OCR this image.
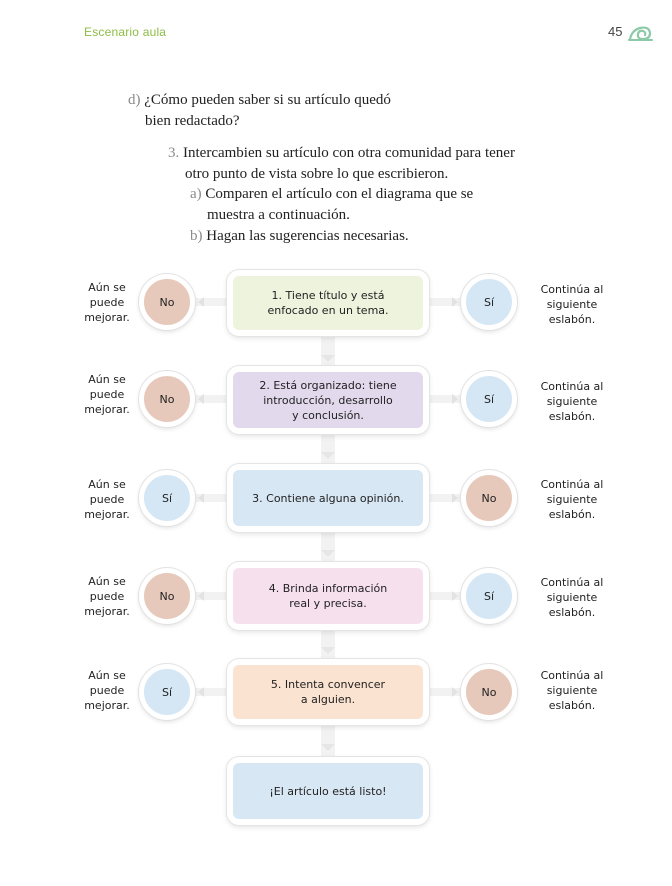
Escenario aula	45
d) ¿Cómo pueden saber si su artículo quedó
bien redactado?
3. Intercambien su artículo con otra comunidad para tener
otro punto de vista sobre lo que escribieron.
a) Comparen el artículo con el diagrama que se
muestra a continuación.
b) Hagan las sugerencias necesarias.
Aún se
puede
mejorar.
No	1. Tiene título y está
enfocado en un tema.
Sí
Continúa al
siguiente
eslabón.
Aún se
puede
mejorar.
No
2. Está organizado: tiene
introducción, desarrollo
y conclusión.
Sí
Continúa al
siguiente
eslabón.
Aún se
puede
mejorar.
Sí	3. Contiene alguna opinión.	No
Continúa al
siguiente
eslabón.
Aún se
puede
mejorar.
No
4. Brinda información
real y precisa.
Sí
Continúa al
siguiente
eslabón.
Aún se
puede
mejorar.
Sí
5. Intenta convencer
a alguien.
No
Continúa al
siguiente
eslabón.
¡El artículo está listo!
